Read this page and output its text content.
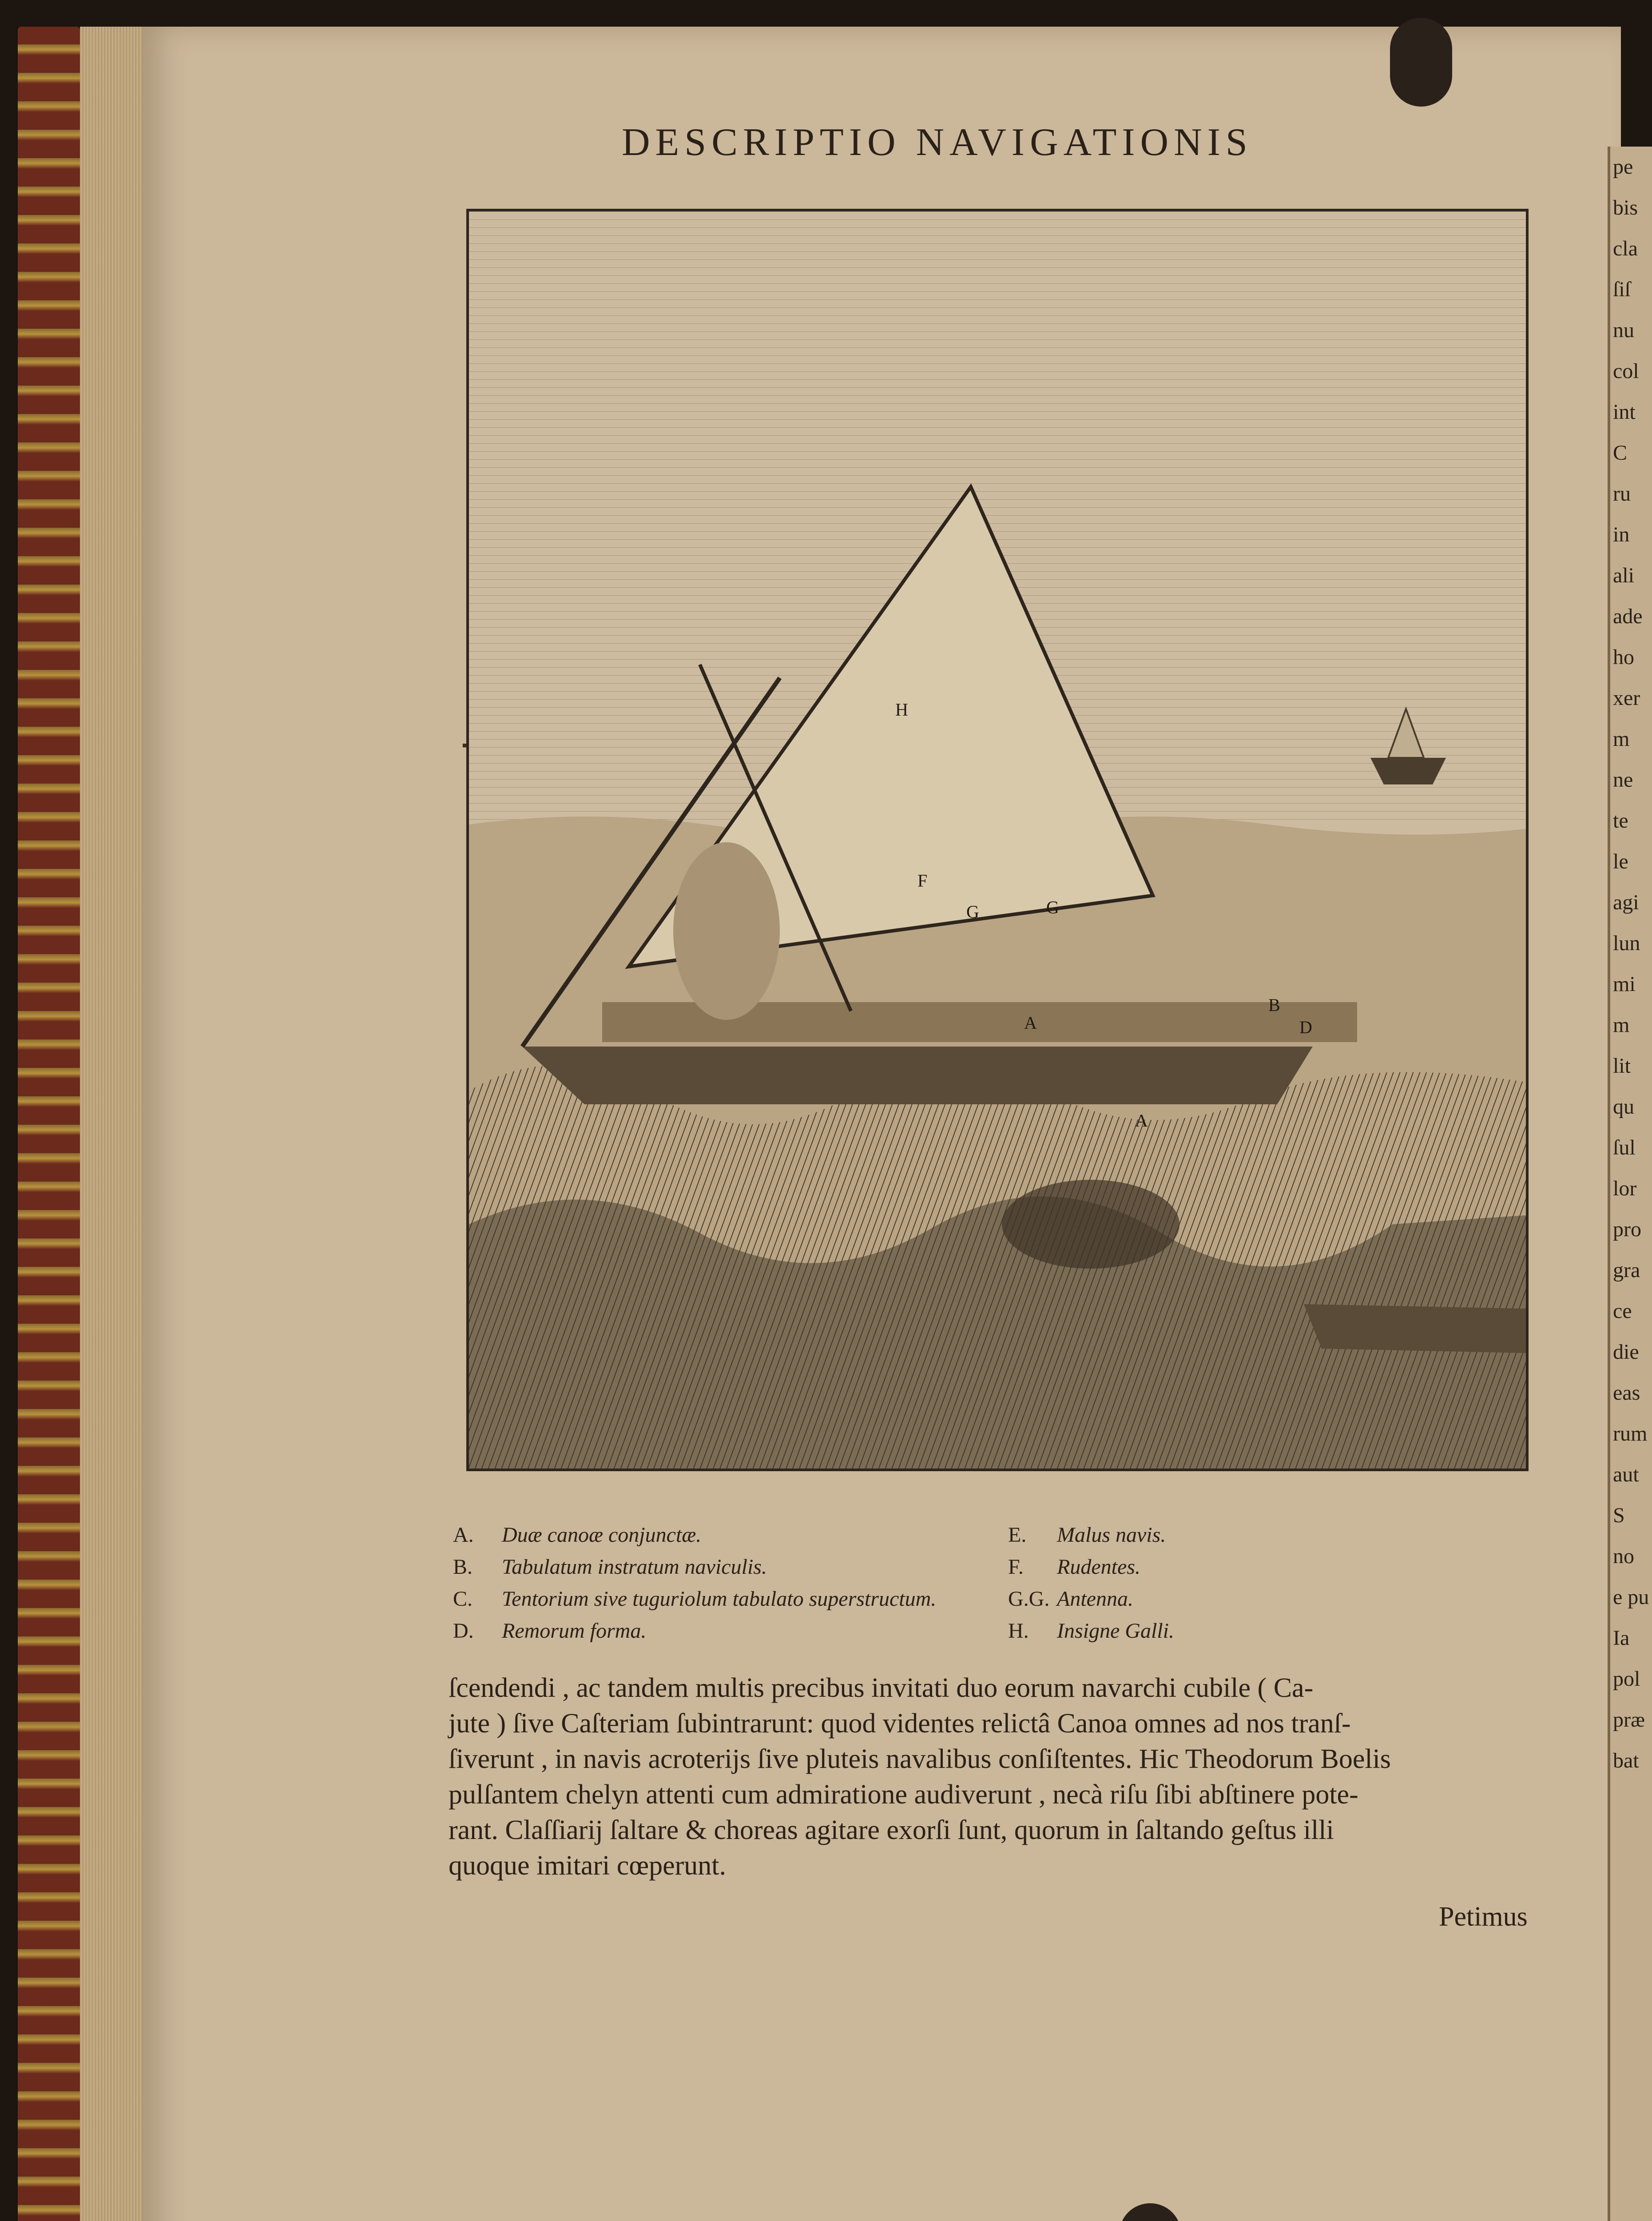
pe
bis
cla
ſiſ
nu
col
int
C
ru
in
ali
ade
ho
xer
m
ne
te
le
agi
lun
mi
m
lit
qu
ſul
lor
pro
gra
ce
die
eas
rum
aut
S
no
e pu
Ia
pol
præ
bat
DESCRIPTIO NAVIGATIONIS
H
F
G	G
B
D
A
A
A. Duæ canoæ conjunctæ.
B. Tabulatum instratum naviculis.
C. Tentorium sive tuguriolum tabulato superstructum.
D. Remorum forma.
E. Malus navis.
F. Rudentes.
G.G. Antenna.
H. Insigne Galli.

ſcendendi , ac tandem multis precibus invitati duo eorum navarchi cubile ( Ca-

jute ) ſive Caſteriam ſubintrarunt: quod videntes relictâ Canoa omnes ad nos tranſ-

ſiverunt , in navis acroterijs ſive pluteis navalibus conſiſtentes. Hic Theodorum Boelis

pulſantem chelyn attenti cum admiratione audiverunt , necà riſu ſibi abſtinere pote-

rant. Claſſiarij ſaltare & choreas agitare exorſi ſunt, quorum in ſaltando geſtus illi

quoque imitari cœperunt.

Petimus
▪
